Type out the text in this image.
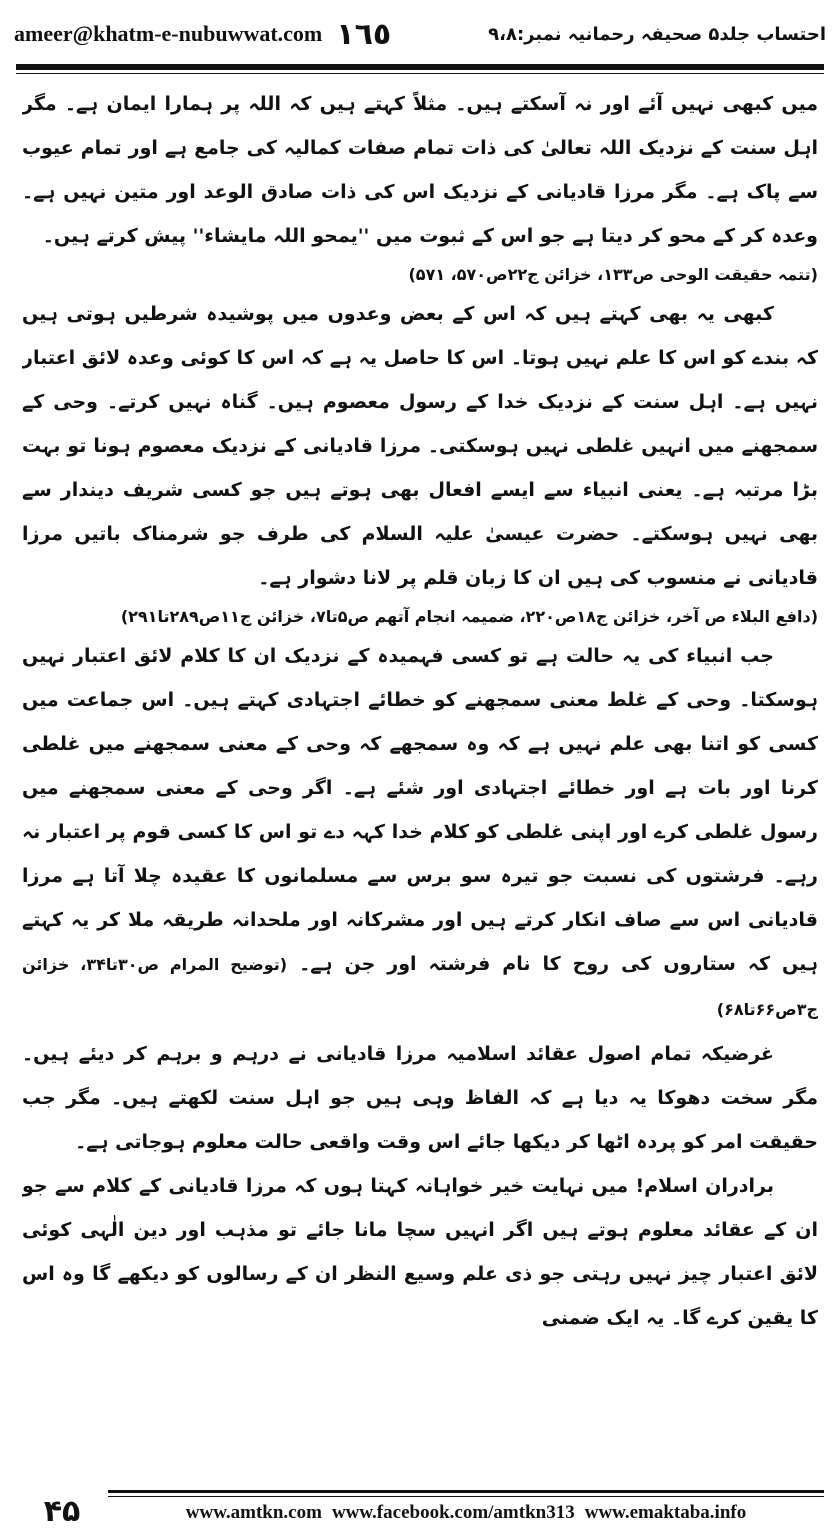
ameer@khatm-e-nubuwwat.com ١٦٥	احتساب جلد۵ صحیفہ رحمانیہ نمبر:۹،۸

میں کبھی نہیں آئے اور نہ آسکتے ہیں۔ مثلاً کہتے ہیں کہ اللہ پر ہمارا ایمان ہے۔ مگر اہل سنت کے نزدیک اللہ تعالیٰ کی ذات تمام صفات کمالیہ کی جامع ہے اور تمام عیوب سے پاک ہے۔ مگر مرزا قادیانی کے نزدیک اس کی ذات صادق الوعد اور متین نہیں ہے۔ وعدہ کر کے محو کر دیتا ہے جو اس کے ثبوت میں ''یمحو اللہ مایشاء'' پیش کرتے ہیں۔

(تتمہ حقیقت الوحی ص۱۳۳، خزائن ج۲۲ص۵۷۰، ۵۷۱)

کبھی یہ بھی کہتے ہیں کہ اس کے بعض وعدوں میں پوشیدہ شرطیں ہوتی ہیں کہ بندے کو اس کا علم نہیں ہوتا۔ اس کا حاصل یہ ہے کہ اس کا کوئی وعدہ لائق اعتبار نہیں ہے۔ اہل سنت کے نزدیک خدا کے رسول معصوم ہیں۔ گناہ نہیں کرتے۔ وحی کے سمجھنے میں انہیں غلطی نہیں ہوسکتی۔ مرزا قادیانی کے نزدیک معصوم ہونا تو بہت بڑا مرتبہ ہے۔ یعنی انبیاء سے ایسے افعال بھی ہوتے ہیں جو کسی شریف دیندار سے بھی نہیں ہوسکتے۔ حضرت عیسیٰ علیہ السلام کی طرف جو شرمناک باتیں مرزا قادیانی نے منسوب کی ہیں ان کا زبان قلم پر لانا دشوار ہے۔

(دافع البلاء ص آخر، خزائن ج۱۸ص۲۲۰، ضمیمہ انجام آتھم ص۵تا۷، خزائن ج۱۱ص۲۸۹تا۲۹۱)

جب انبیاء کی یہ حالت ہے تو کسی فہمیدہ کے نزدیک ان کا کلام لائق اعتبار نہیں ہوسکتا۔ وحی کے غلط معنی سمجھنے کو خطائے اجتہادی کہتے ہیں۔ اس جماعت میں کسی کو اتنا بھی علم نہیں ہے کہ وہ سمجھے کہ وحی کے معنی سمجھنے میں غلطی کرنا اور بات ہے اور خطائے اجتہادی اور شئے ہے۔ اگر وحی کے معنی سمجھنے میں رسول غلطی کرے اور اپنی غلطی کو کلام خدا کہہ دے تو اس کا کسی قوم پر اعتبار نہ رہے۔ فرشتوں کی نسبت جو تیرہ سو برس سے مسلمانوں کا عقیدہ چلا آتا ہے مرزا قادیانی اس سے صاف انکار کرتے ہیں اور مشرکانہ اور ملحدانہ طریقہ ملا کر یہ کہتے ہیں کہ ستاروں کی روح کا نام فرشتہ اور جن ہے۔ (توضیح المرام ص۳۰تا۳۴، خزائن ج۳ص۶۶تا۶۸)

غرضیکہ تمام اصول عقائد اسلامیہ مرزا قادیانی نے درہم و برہم کر دیئے ہیں۔ مگر سخت دھوکا یہ دیا ہے کہ الفاظ وہی ہیں جو اہل سنت لکھتے ہیں۔ مگر جب حقیقت امر کو پردہ اٹھا کر دیکھا جائے اس وقت واقعی حالت معلوم ہوجاتی ہے۔

برادران اسلام! میں نہایت خیر خواہانہ کہتا ہوں کہ مرزا قادیانی کے کلام سے جو ان کے عقائد معلوم ہوتے ہیں اگر انہیں سچا مانا جائے تو مذہب اور دین الٰہی کوئی لائق اعتبار چیز نہیں رہتی جو ذی علم وسیع النظر ان کے رسالوں کو دیکھے گا وہ اس کا یقین کرے گا۔ یہ ایک ضمنی

۴۵	www.amtkn.com www.facebook.com/amtkn313 www.emaktaba.info
